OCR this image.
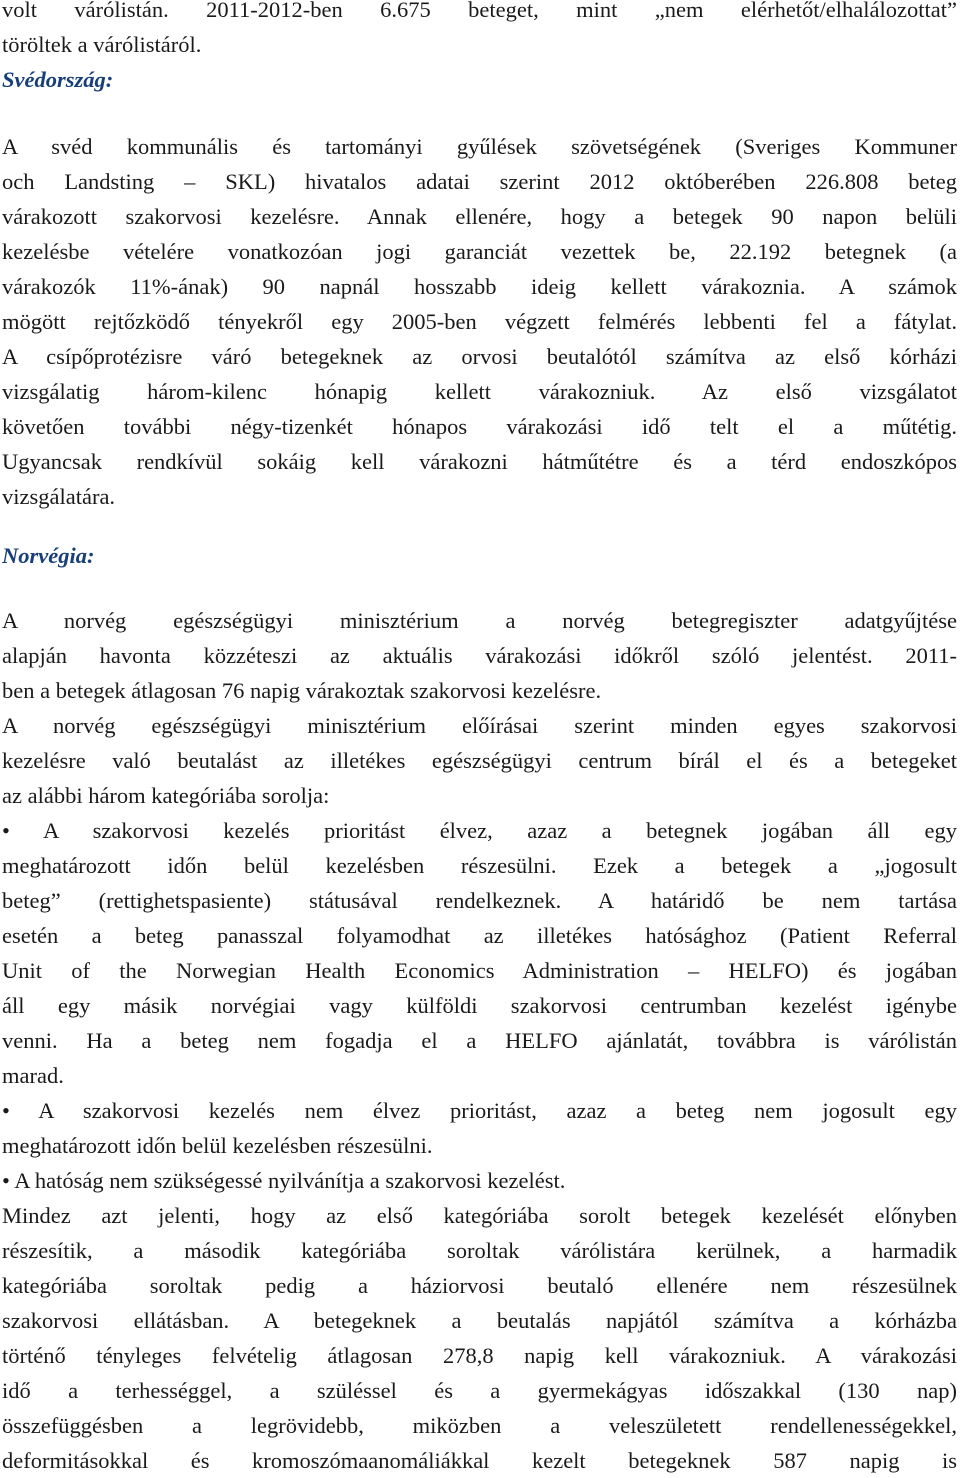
volt várólistán. 2011-2012-ben 6.675 beteget, mint „nem elérhetőt/elhalálozottat”
töröltek a várólistáról.
Svédország:
A svéd kommunális és tartományi gyűlések szövetségének (Sveriges Kommuner
och Landsting – SKL) hivatalos adatai szerint 2012 októberében 226.808 beteg
várakozott szakorvosi kezelésre. Annak ellenére, hogy a betegek 90 napon belüli
kezelésbe vételére vonatkozóan jogi garanciát vezettek be, 22.192 betegnek (a
várakozók 11%-ának) 90 napnál hosszabb ideig kellett várakoznia. A számok
mögött rejtőzködő tényekről egy 2005-ben végzett felmérés lebbenti fel a fátylat.
A csípőprotézisre váró betegeknek az orvosi beutalótól számítva az első kórházi
vizsgálatig három-kilenc hónapig kellett várakozniuk. Az első vizsgálatot
követően további négy-tizenkét hónapos várakozási idő telt el a műtétig.
Ugyancsak rendkívül sokáig kell várakozni hátműtétre és a térd endoszkópos
vizsgálatára.
Norvégia:
A norvég egészségügyi minisztérium a norvég betegregiszter adatgyűjtése
alapján havonta közzéteszi az aktuális várakozási időkről szóló jelentést. 2011-
ben a betegek átlagosan 76 napig várakoztak szakorvosi kezelésre.
A norvég egészségügyi minisztérium előírásai szerint minden egyes szakorvosi
kezelésre való beutalást az illetékes egészségügyi centrum bírál el és a betegeket
az alábbi három kategóriába sorolja:
• A szakorvosi kezelés prioritást élvez, azaz a betegnek jogában áll egy
meghatározott időn belül kezelésben részesülni. Ezek a betegek a „jogosult
beteg” (rettighetspasiente) státusával rendelkeznek. A határidő be nem tartása
esetén a beteg panasszal folyamodhat az illetékes hatósághoz (Patient Referral
Unit of the Norwegian Health Economics Administration – HELFO) és jogában
áll egy másik norvégiai vagy külföldi szakorvosi centrumban kezelést igénybe
venni. Ha a beteg nem fogadja el a HELFO ajánlatát, továbbra is várólistán
marad.
• A szakorvosi kezelés nem élvez prioritást, azaz a beteg nem jogosult egy
meghatározott időn belül kezelésben részesülni.
• A hatóság nem szükségessé nyilvánítja a szakorvosi kezelést.
Mindez azt jelenti, hogy az első kategóriába sorolt betegek kezelését előnyben
részesítik, a második kategóriába soroltak várólistára kerülnek, a harmadik
kategóriába soroltak pedig a háziorvosi beutaló ellenére nem részesülnek
szakorvosi ellátásban. A betegeknek a beutalás napjától számítva a kórházba
történő tényleges felvételig átlagosan 278,8 napig kell várakozniuk. A várakozási
idő a terhességgel, a szüléssel és a gyermekágyas időszakkal (130 nap)
összefüggésben a legrövidebb, miközben a veleszületett rendellenességekkel,
deformitásokkal és kromoszómaanomáliákkal kezelt betegeknek 587 napig is
